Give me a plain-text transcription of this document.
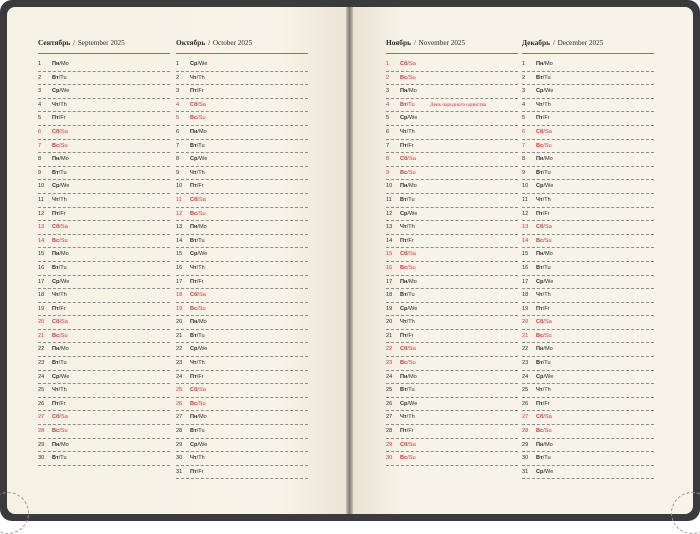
Сентябрь / September 2025
1	Пн/Mo
2	Вт/Tu
3	Ср/We
4	Чт/Th
5	Пт/Fr
6	Сб/Sa
7	Вс/Su
8	Пн/Mo
9	Вт/Tu
10	Ср/We
11	Чт/Th
12	Пт/Fr
13	Сб/Sa
14	Вс/Su
15	Пн/Mo
16	Вт/Tu
17	Ср/We
18	Чт/Th
19	Пт/Fr
20	Сб/Sa
21	Вс/Su
22	Пн/Mo
23	Вт/Tu
24	Ср/We
25	Чт/Th
26	Пт/Fr
27	Сб/Sa
28	Вс/Su
29	Пн/Mo
30	Вт/Tu
Октябрь / October 2025
1	Ср/We
2	Чт/Th
3	Пт/Fr
4	Сб/Sa
5	Вс/Su
6	Пн/Mo
7	Вт/Tu
8	Ср/We
9	Чт/Th
10	Пт/Fr
11	Сб/Sa
12	Вс/Su
13	Пн/Mo
14	Вт/Tu
15	Ср/We
16	Чт/Th
17	Пт/Fr
18	Сб/Sa
19	Вс/Su
20	Пн/Mo
21	Вт/Tu
22	Ср/We
23	Чт/Th
24	Пт/Fr
25	Сб/Sa
26	Вс/Su
27	Пн/Mo
28	Вт/Tu
29	Ср/We
30	Чт/Th
31	Пт/Fr
Ноябрь / November 2025
1	Сб/Sa
2	Вс/Su
3	Пн/Mo
4	Вт/Tu	День народного единства
5	Ср/We
6	Чт/Th
7	Пт/Fr
8	Сб/Sa
9	Вс/Su
10	Пн/Mo
11	Вт/Tu
12	Ср/We
13	Чт/Th
14	Пт/Fr
15	Сб/Sa
16	Вс/Su
17	Пн/Mo
18	Вт/Tu
19	Ср/We
20	Чт/Th
21	Пт/Fr
22	Сб/Sa
23	Вс/Su
24	Пн/Mo
25	Вт/Tu
26	Ср/We
27	Чт/Th
28	Пт/Fr
29	Сб/Sa
30	Вс/Su
Декабрь / December 2025
1	Пн/Mo
2	Вт/Tu
3	Ср/We
4	Чт/Th
5	Пт/Fr
6	Сб/Sa
7	Вс/Su
8	Пн/Mo
9	Вт/Tu
10	Ср/We
11	Чт/Th
12	Пт/Fr
13	Сб/Sa
14	Вс/Su
15	Пн/Mo
16	Вт/Tu
17	Ср/We
18	Чт/Th
19	Пт/Fr
20	Сб/Sa
21	Вс/Su
22	Пн/Mo
23	Вт/Tu
24	Ср/We
25	Чт/Th
26	Пт/Fr
27	Сб/Sa
28	Вс/Su
29	Пн/Mo
30	Вт/Tu
31	Ср/We
